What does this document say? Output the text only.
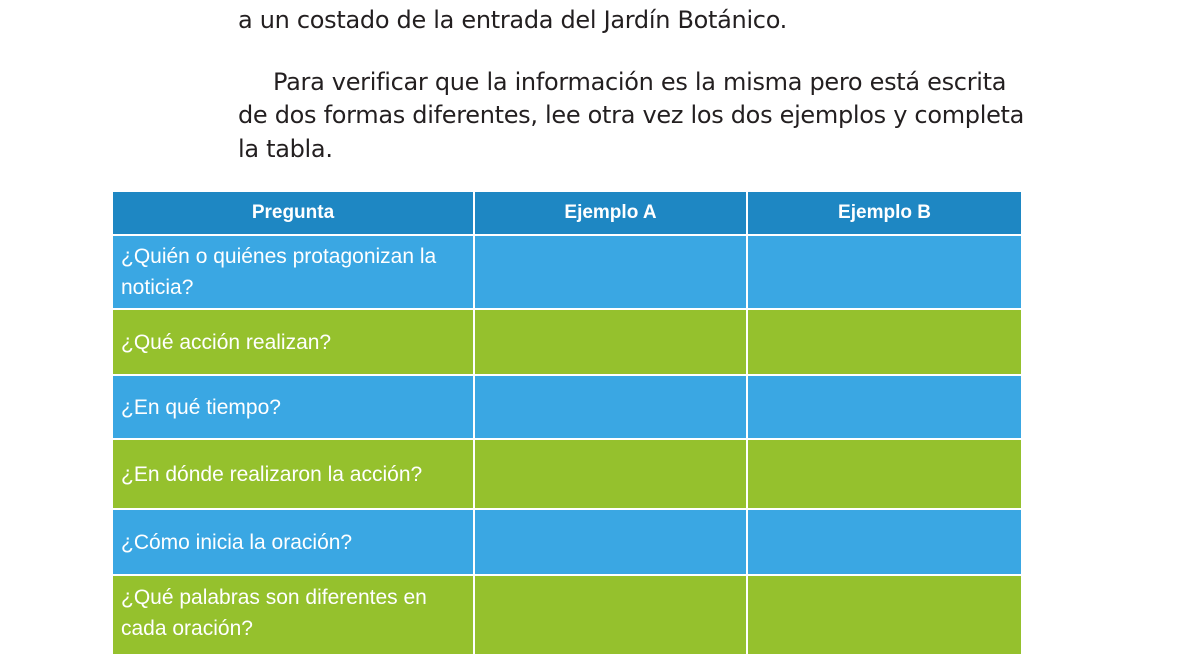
a un costado de la entrada del Jardín Botánico.

Para verificar que la información es la misma pero está escrita

de dos formas diferentes, lee otra vez los dos ejemplos y completa

la tabla.

Pregunta	Ejemplo A	Ejemplo B

¿Quién o quiénes protagonizan la noticia?		

¿Qué acción realizan?		

¿En qué tiempo?		

¿En dónde realizaron la acción?		

¿Cómo inicia la oración?		

¿Qué palabras son diferentes en cada oración?		
